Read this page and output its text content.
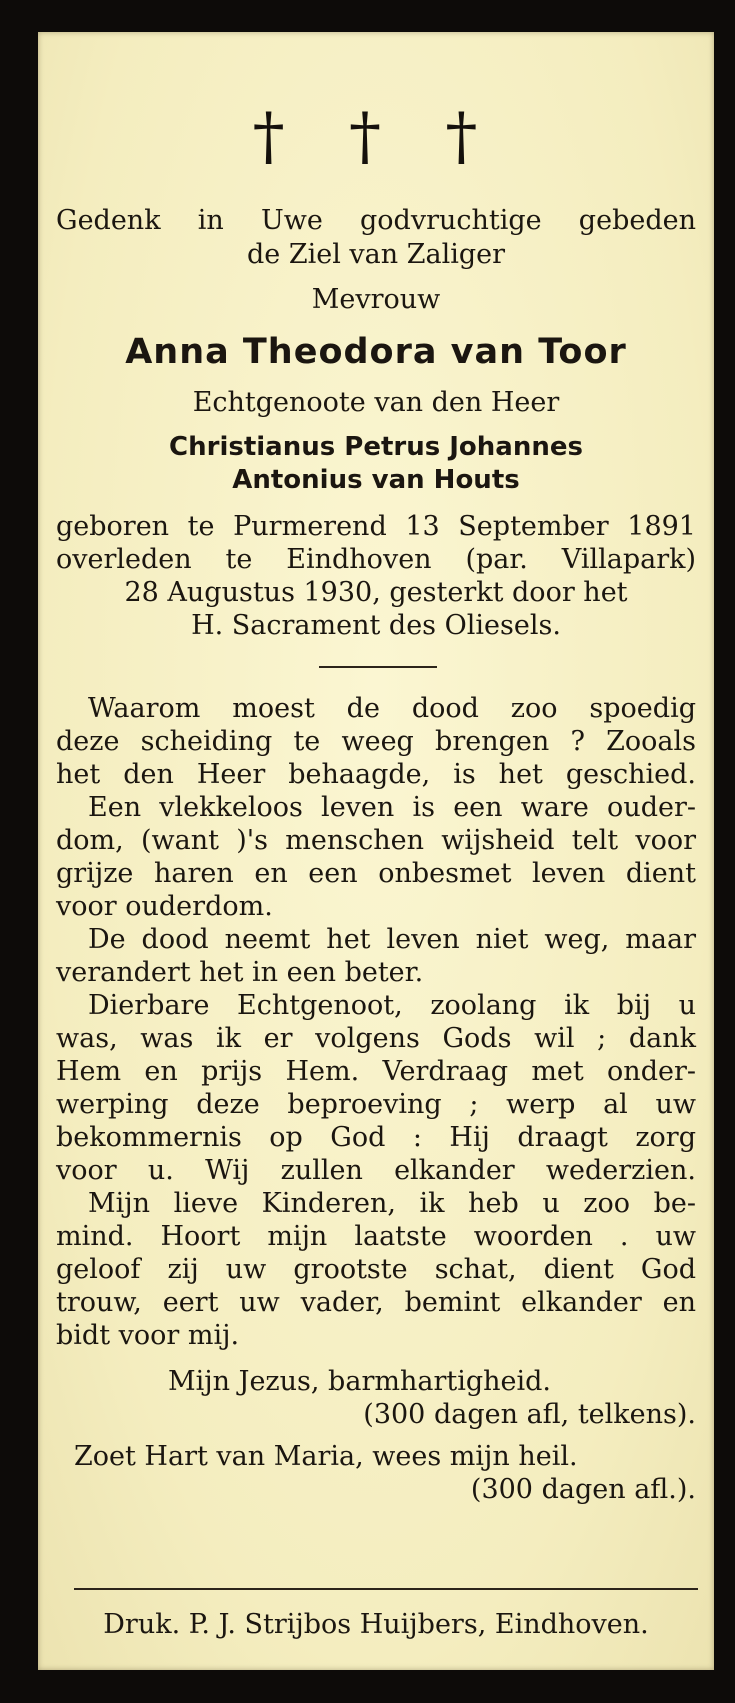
† † †
Gedenk in Uwe godvruchtige gebeden
de Ziel van Zaliger
Mevrouw
Anna Theodora van Toor
Echtgenoote van den Heer
Christianus Petrus Johannes
Antonius van Houts
geboren te Purmerend 13 September 1891
overleden te Eindhoven (par. Villapark)
28 Augustus 1930, gesterkt door het
H. Sacrament des Oliesels.
Waarom moest de dood zoo spoedig
deze scheiding te weeg brengen ? Zooals
het den Heer behaagde, is het geschied.
Een vlekkeloos leven is een ware ouder-
dom, (want )'s menschen wijsheid telt voor
grijze haren en een onbesmet leven dient
voor ouderdom.
De dood neemt het leven niet weg, maar
verandert het in een beter.
Dierbare Echtgenoot, zoolang ik bij u
was, was ik er volgens Gods wil ; dank
Hem en prijs Hem. Verdraag met onder-
werping deze beproeving ; werp al uw
bekommernis op God : Hij draagt zorg
voor u. Wij zullen elkander wederzien.
Mijn lieve Kinderen, ik heb u zoo be-
mind. Hoort mijn laatste woorden . uw
geloof zij uw grootste schat, dient God
trouw, eert uw vader, bemint elkander en
bidt voor mij.
Mijn Jezus, barmhartigheid.
(300 dagen afl, telkens).
Zoet Hart van Maria, wees mijn heil.
(300 dagen afl.).
Druk. P. J. Strijbos Huijbers, Eindhoven.
